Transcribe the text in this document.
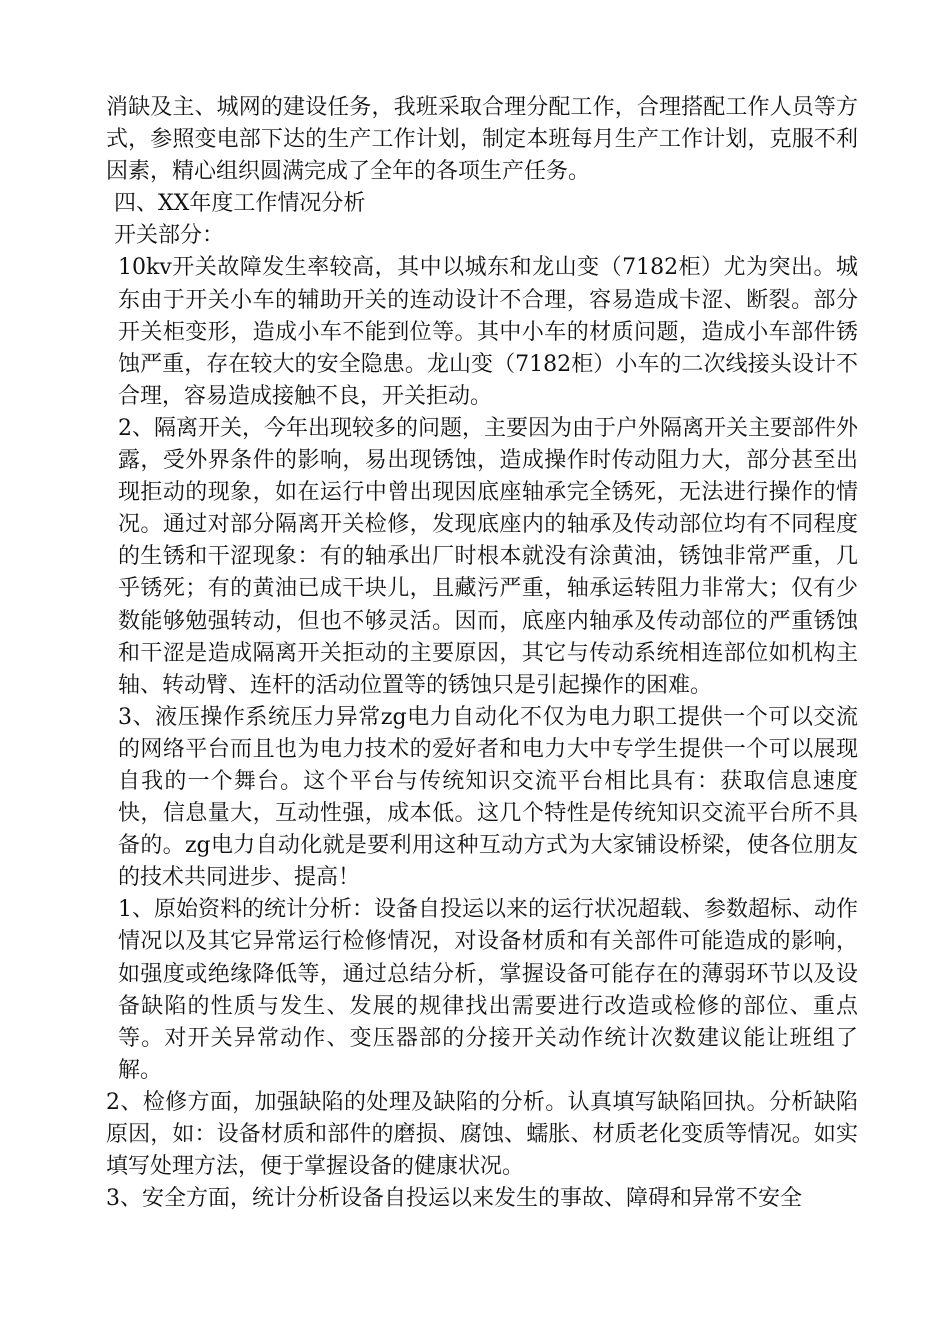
消缺及主、城网的建设任务，我班采取合理分配工作，合理搭配工作人员等方式，参照变电部下达的生产工作计划，制定本班每月生产工作计划，克服不利因素，精心组织圆满完成了全年的各项生产任务。

四、XX年度工作情况分析

开关部分：

10kv开关故障发生率较高，其中以城东和龙山变（7182柜）尤为突出。城东由于开关小车的辅助开关的连动设计不合理，容易造成卡涩、断裂。部分开关柜变形，造成小车不能到位等。其中小车的材质问题，造成小车部件锈蚀严重，存在较大的安全隐患。龙山变（7182柜）小车的二次线接头设计不合理，容易造成接触不良，开关拒动。

2、隔离开关，今年出现较多的问题，主要因为由于户外隔离开关主要部件外露，受外界条件的影响，易出现锈蚀，造成操作时传动阻力大，部分甚至出现拒动的现象，如在运行中曾出现因底座轴承完全锈死，无法进行操作的情况。通过对部分隔离开关检修，发现底座内的轴承及传动部位均有不同程度的生锈和干涩现象：有的轴承出厂时根本就没有涂黄油，锈蚀非常严重，几乎锈死；有的黄油已成干块儿，且藏污严重，轴承运转阻力非常大；仅有少数能够勉强转动，但也不够灵活。因而，底座内轴承及传动部位的严重锈蚀和干涩是造成隔离开关拒动的主要原因，其它与传动系统相连部位如机构主轴、转动臂、连杆的活动位置等的锈蚀只是引起操作的困难。

3、液压操作系统压力异常zg电力自动化不仅为电力职工提供一个可以交流的网络平台而且也为电力技术的爱好者和电力大中专学生提供一个可以展现自我的一个舞台。这个平台与传统知识交流平台相比具有：获取信息速度快，信息量大，互动性强，成本低。这几个特性是传统知识交流平台所不具备的。zg电力自动化就是要利用这种互动方式为大家铺设桥梁，使各位朋友的技术共同进步、提高！

1、原始资料的统计分析：设备自投运以来的运行状况超载、参数超标、动作情况以及其它异常运行检修情况，对设备材质和有关部件可能造成的影响，如强度或绝缘降低等，通过总结分析，掌握设备可能存在的薄弱环节以及设备缺陷的性质与发生、发展的规律找出需要进行改造或检修的部位、重点等。对开关异常动作、变压器部的分接开关动作统计次数建议能让班组了解。

2、检修方面，加强缺陷的处理及缺陷的分析。认真填写缺陷回执。分析缺陷原因，如：设备材质和部件的磨损、腐蚀、蠕胀、材质老化变质等情况。如实填写处理方法，便于掌握设备的健康状况。

3、安全方面，统计分析设备自投运以来发生的事故、障碍和异常不安全
